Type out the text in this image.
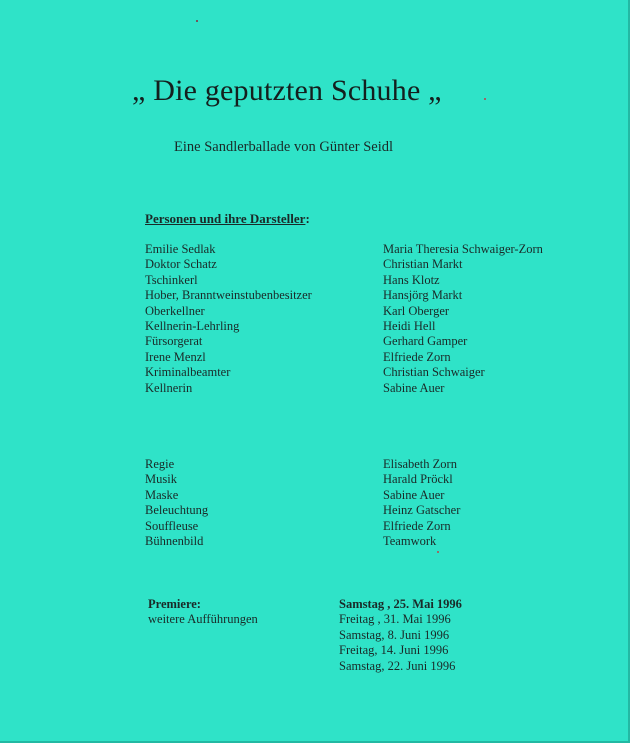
„ Die geputzten Schuhe „
Eine Sandlerballade von Günter Seidl
Personen und ihre Darsteller:
Emilie Sedlak
Doktor Schatz
Tschinkerl
Hober, Branntweinstubenbesitzer
Oberkellner
Kellnerin-Lehrling
Fürsorgerat
Irene Menzl
Kriminalbeamter
Kellnerin
Maria Theresia Schwaiger-Zorn
Christian Markt
Hans Klotz
Hansjörg Markt
Karl Oberger
Heidi Hell
Gerhard Gamper
Elfriede Zorn
Christian Schwaiger
Sabine Auer
Regie
Musik
Maske
Beleuchtung
Souffleuse
Bühnenbild
Elisabeth Zorn
Harald Pröckl
Sabine Auer
Heinz Gatscher
Elfriede Zorn
Teamwork
Premiere:
weitere Aufführungen
Samstag , 25. Mai 1996
Freitag , 31. Mai 1996
Samstag, 8. Juni 1996
Freitag, 14. Juni 1996
Samstag, 22. Juni 1996
